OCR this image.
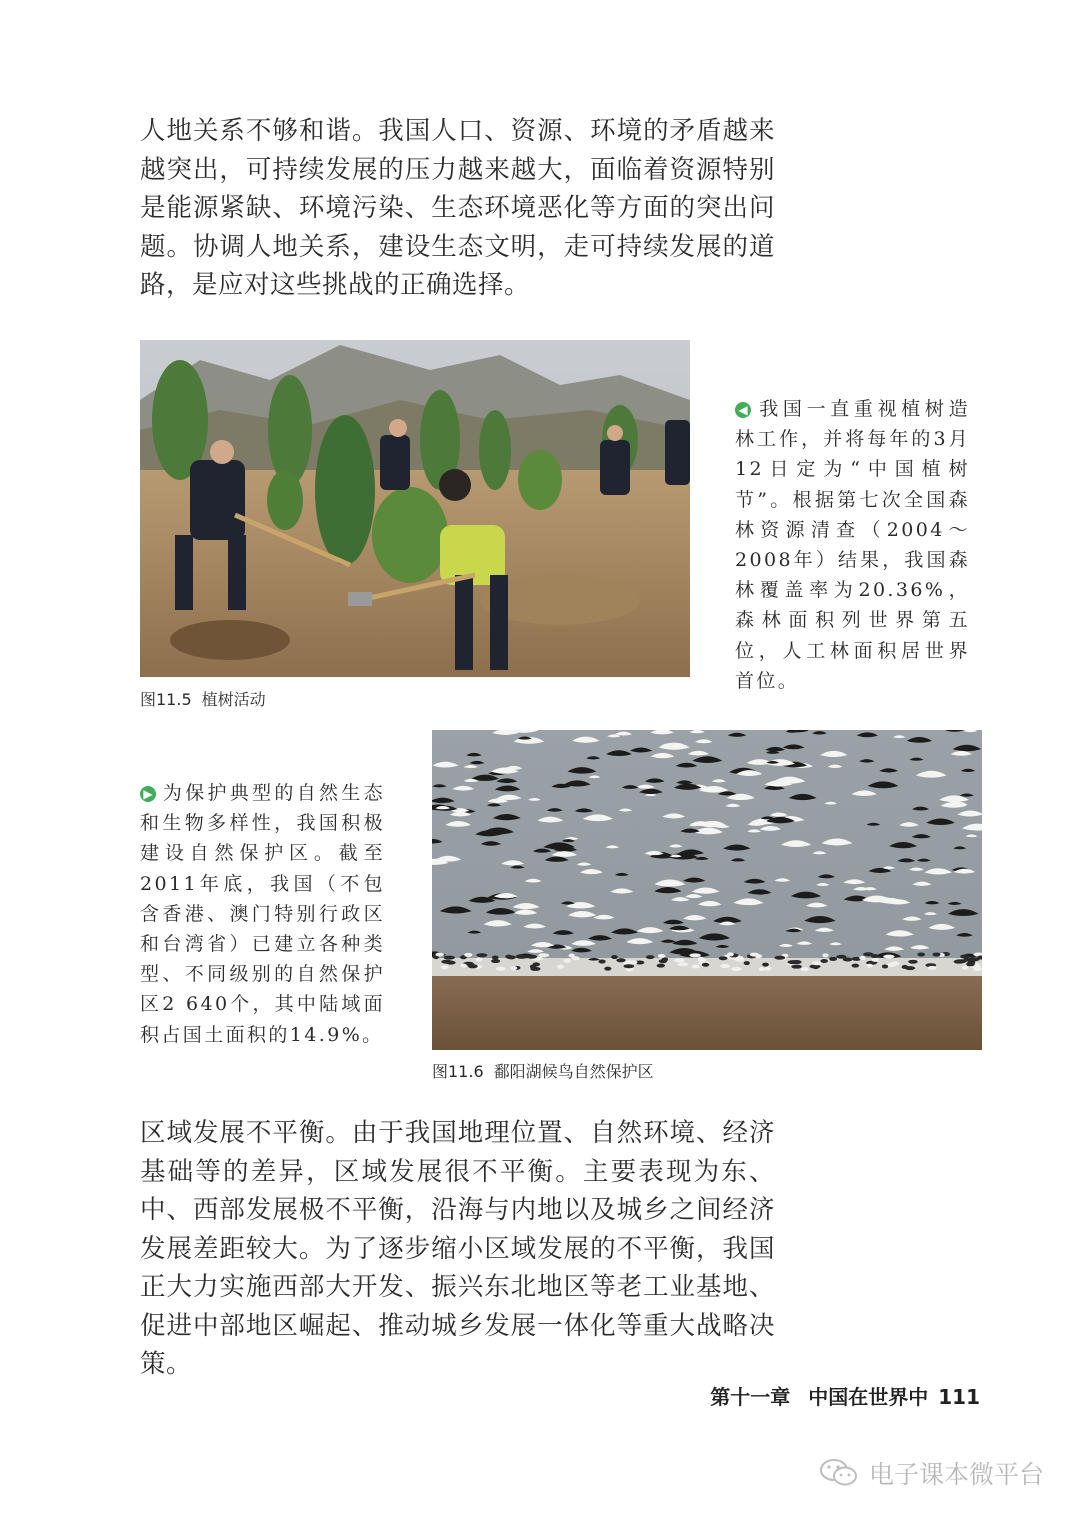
人地关系不够和谐。我国人口、资源、环境的矛盾越来越突出，可持续发展的压力越来越大，面临着资源特别是能源紧缺、环境污染、生态环境恶化等方面的突出问题。协调人地关系，建设生态文明，走可持续发展的道路，是应对这些挑战的正确选择。

图11.5 植树活动
◀ 我国一直重视植树造林工作，并将每年的3月12日定为“中国植树节”。根据第七次全国森林资源清查（2004～2008年）结果，我国森林覆盖率为20.36%，森林面积列世界第五位，人工林面积居世界首位。
▶ 为保护典型的自然生态和生物多样性，我国积极建设自然保护区。截至2011年底，我国（不包含香港、澳门特别行政区和台湾省）已建立各种类型、不同级别的自然保护区2 640个，其中陆域面积占国土面积的14.9%。
图11.6 鄱阳湖候鸟自然保护区

区域发展不平衡。由于我国地理位置、自然环境、经济基础等的差异，区域发展很不平衡。主要表现为东、中、西部发展极不平衡，沿海与内地以及城乡之间经济发展差距较大。为了逐步缩小区域发展的不平衡，我国正大力实施西部大开发、振兴东北地区等老工业基地、促进中部地区崛起、推动城乡发展一体化等重大战略决策。

第十一章 中国在世界中 111
电子课本微平台
